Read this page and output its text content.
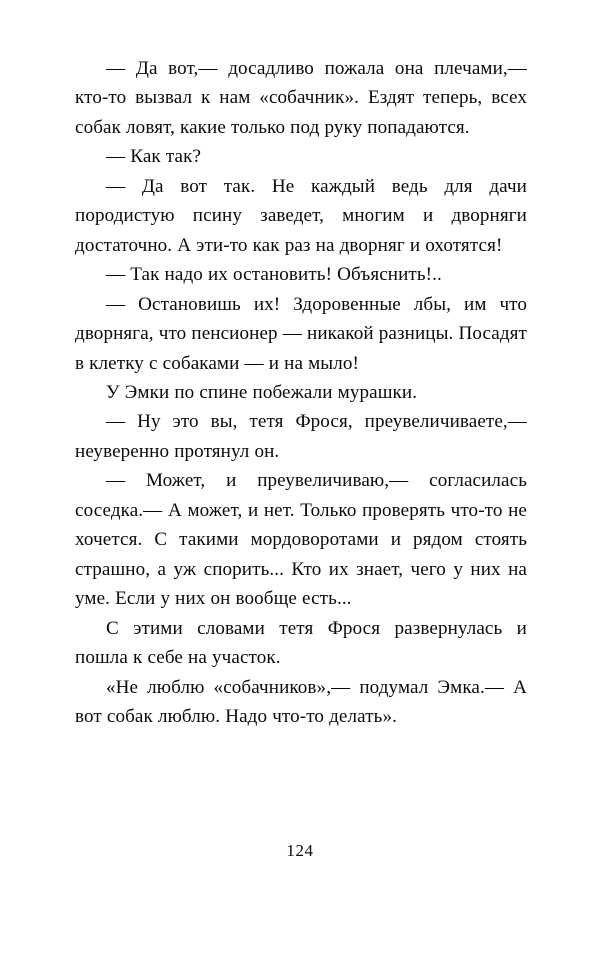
— Да вот,— досадливо пожала она плечами,— кто-то вызвал к нам «собачник». Ездят теперь, всех собак ловят, какие только под руку попадаются.

— Как так?

— Да вот так. Не каждый ведь для дачи породистую псину заведет, многим и дворняги достаточно. А эти-то как раз на дворняг и охотятся!

— Так надо их остановить! Объяснить!..

— Остановишь их! Здоровенные лбы, им что дворняга, что пенсионер — никакой разницы. Посадят в клетку с собаками — и на мыло!

У Эмки по спине побежали мурашки.

— Ну это вы, тетя Фрося, преувеличиваете,— неуверенно протянул он.

— Может, и преувеличиваю,— согласилась соседка.— А может, и нет. Только проверять что-то не хочется. С такими мордоворотами и рядом стоять страшно, а уж спорить... Кто их знает, чего у них на уме. Если у них он вообще есть...

С этими словами тетя Фрося развернулась и пошла к себе на участок.

«Не люблю «собачников»,— подумал Эмка.— А вот собак люблю. Надо что-то делать».

124
